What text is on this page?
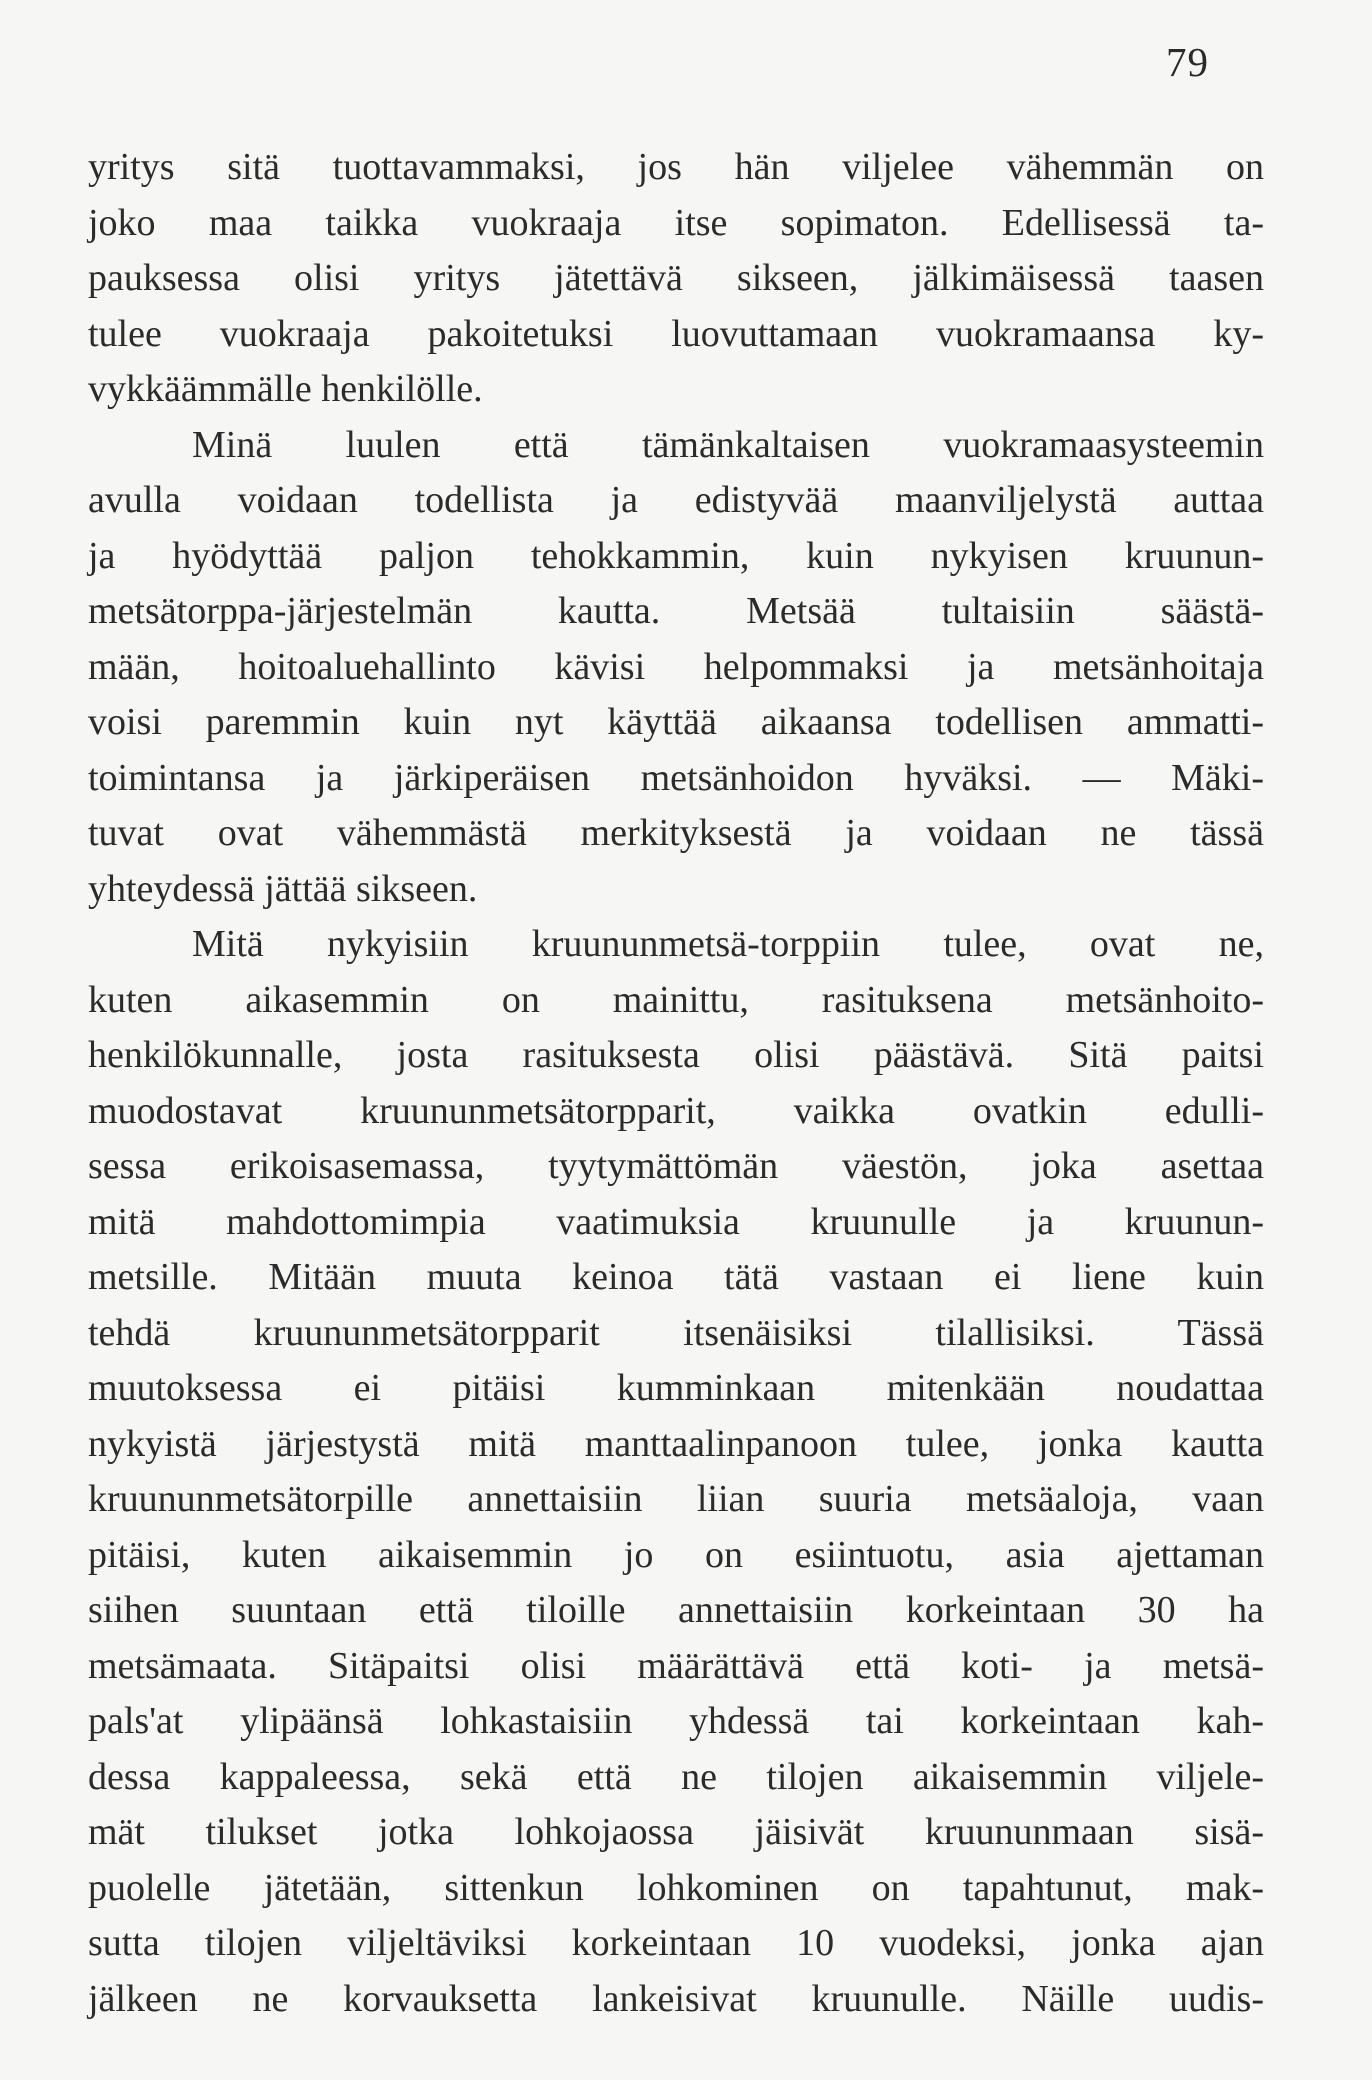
79
yritys sitä tuottavammaksi, jos hän viljelee vähemmän on
joko maa taikka vuokraaja itse sopimaton. Edellisessä ta-
pauksessa olisi yritys jätettävä sikseen, jälkimäisessä taasen
tulee vuokraaja pakoitetuksi luovuttamaan vuokramaansa ky-
vykkäämmälle henkilölle.
Minä luulen että tämänkaltaisen vuokramaasysteemin
avulla voidaan todellista ja edistyvää maanviljelystä auttaa
ja hyödyttää paljon tehokkammin, kuin nykyisen kruunun-
metsätorppa-järjestelmän kautta. Metsää tultaisiin säästä-
mään, hoitoaluehallinto kävisi helpommaksi ja metsänhoitaja
voisi paremmin kuin nyt käyttää aikaansa todellisen ammatti-
toimintansa ja järkiperäisen metsänhoidon hyväksi. — Mäki-
tuvat ovat vähemmästä merkityksestä ja voidaan ne tässä
yhteydessä jättää sikseen.
Mitä nykyisiin kruununmetsä-torppiin tulee, ovat ne,
kuten aikasemmin on mainittu, rasituksena metsänhoito-
henkilökunnalle, josta rasituksesta olisi päästävä. Sitä paitsi
muodostavat kruununmetsätorpparit, vaikka ovatkin edulli-
sessa erikoisasemassa, tyytymättömän väestön, joka asettaa
mitä mahdottomimpia vaatimuksia kruunulle ja kruunun-
metsille. Mitään muuta keinoa tätä vastaan ei liene kuin
tehdä kruununmetsätorpparit itsenäisiksi tilallisiksi. Tässä
muutoksessa ei pitäisi kumminkaan mitenkään noudattaa
nykyistä järjestystä mitä manttaalinpanoon tulee, jonka kautta
kruununmetsätorpille annettaisiin liian suuria metsäaloja, vaan
pitäisi, kuten aikaisemmin jo on esiintuotu, asia ajettaman
siihen suuntaan että tiloille annettaisiin korkeintaan 30 ha
metsämaata. Sitäpaitsi olisi määrättävä että koti- ja metsä-
pals'at ylipäänsä lohkastaisiin yhdessä tai korkeintaan kah-
dessa kappaleessa, sekä että ne tilojen aikaisemmin viljele-
mät tilukset jotka lohkojaossa jäisivät kruununmaan sisä-
puolelle jätetään, sittenkun lohkominen on tapahtunut, mak-
sutta tilojen viljeltäviksi korkeintaan 10 vuodeksi, jonka ajan
jälkeen ne korvauksetta lankeisivat kruunulle. Näille uudis-
